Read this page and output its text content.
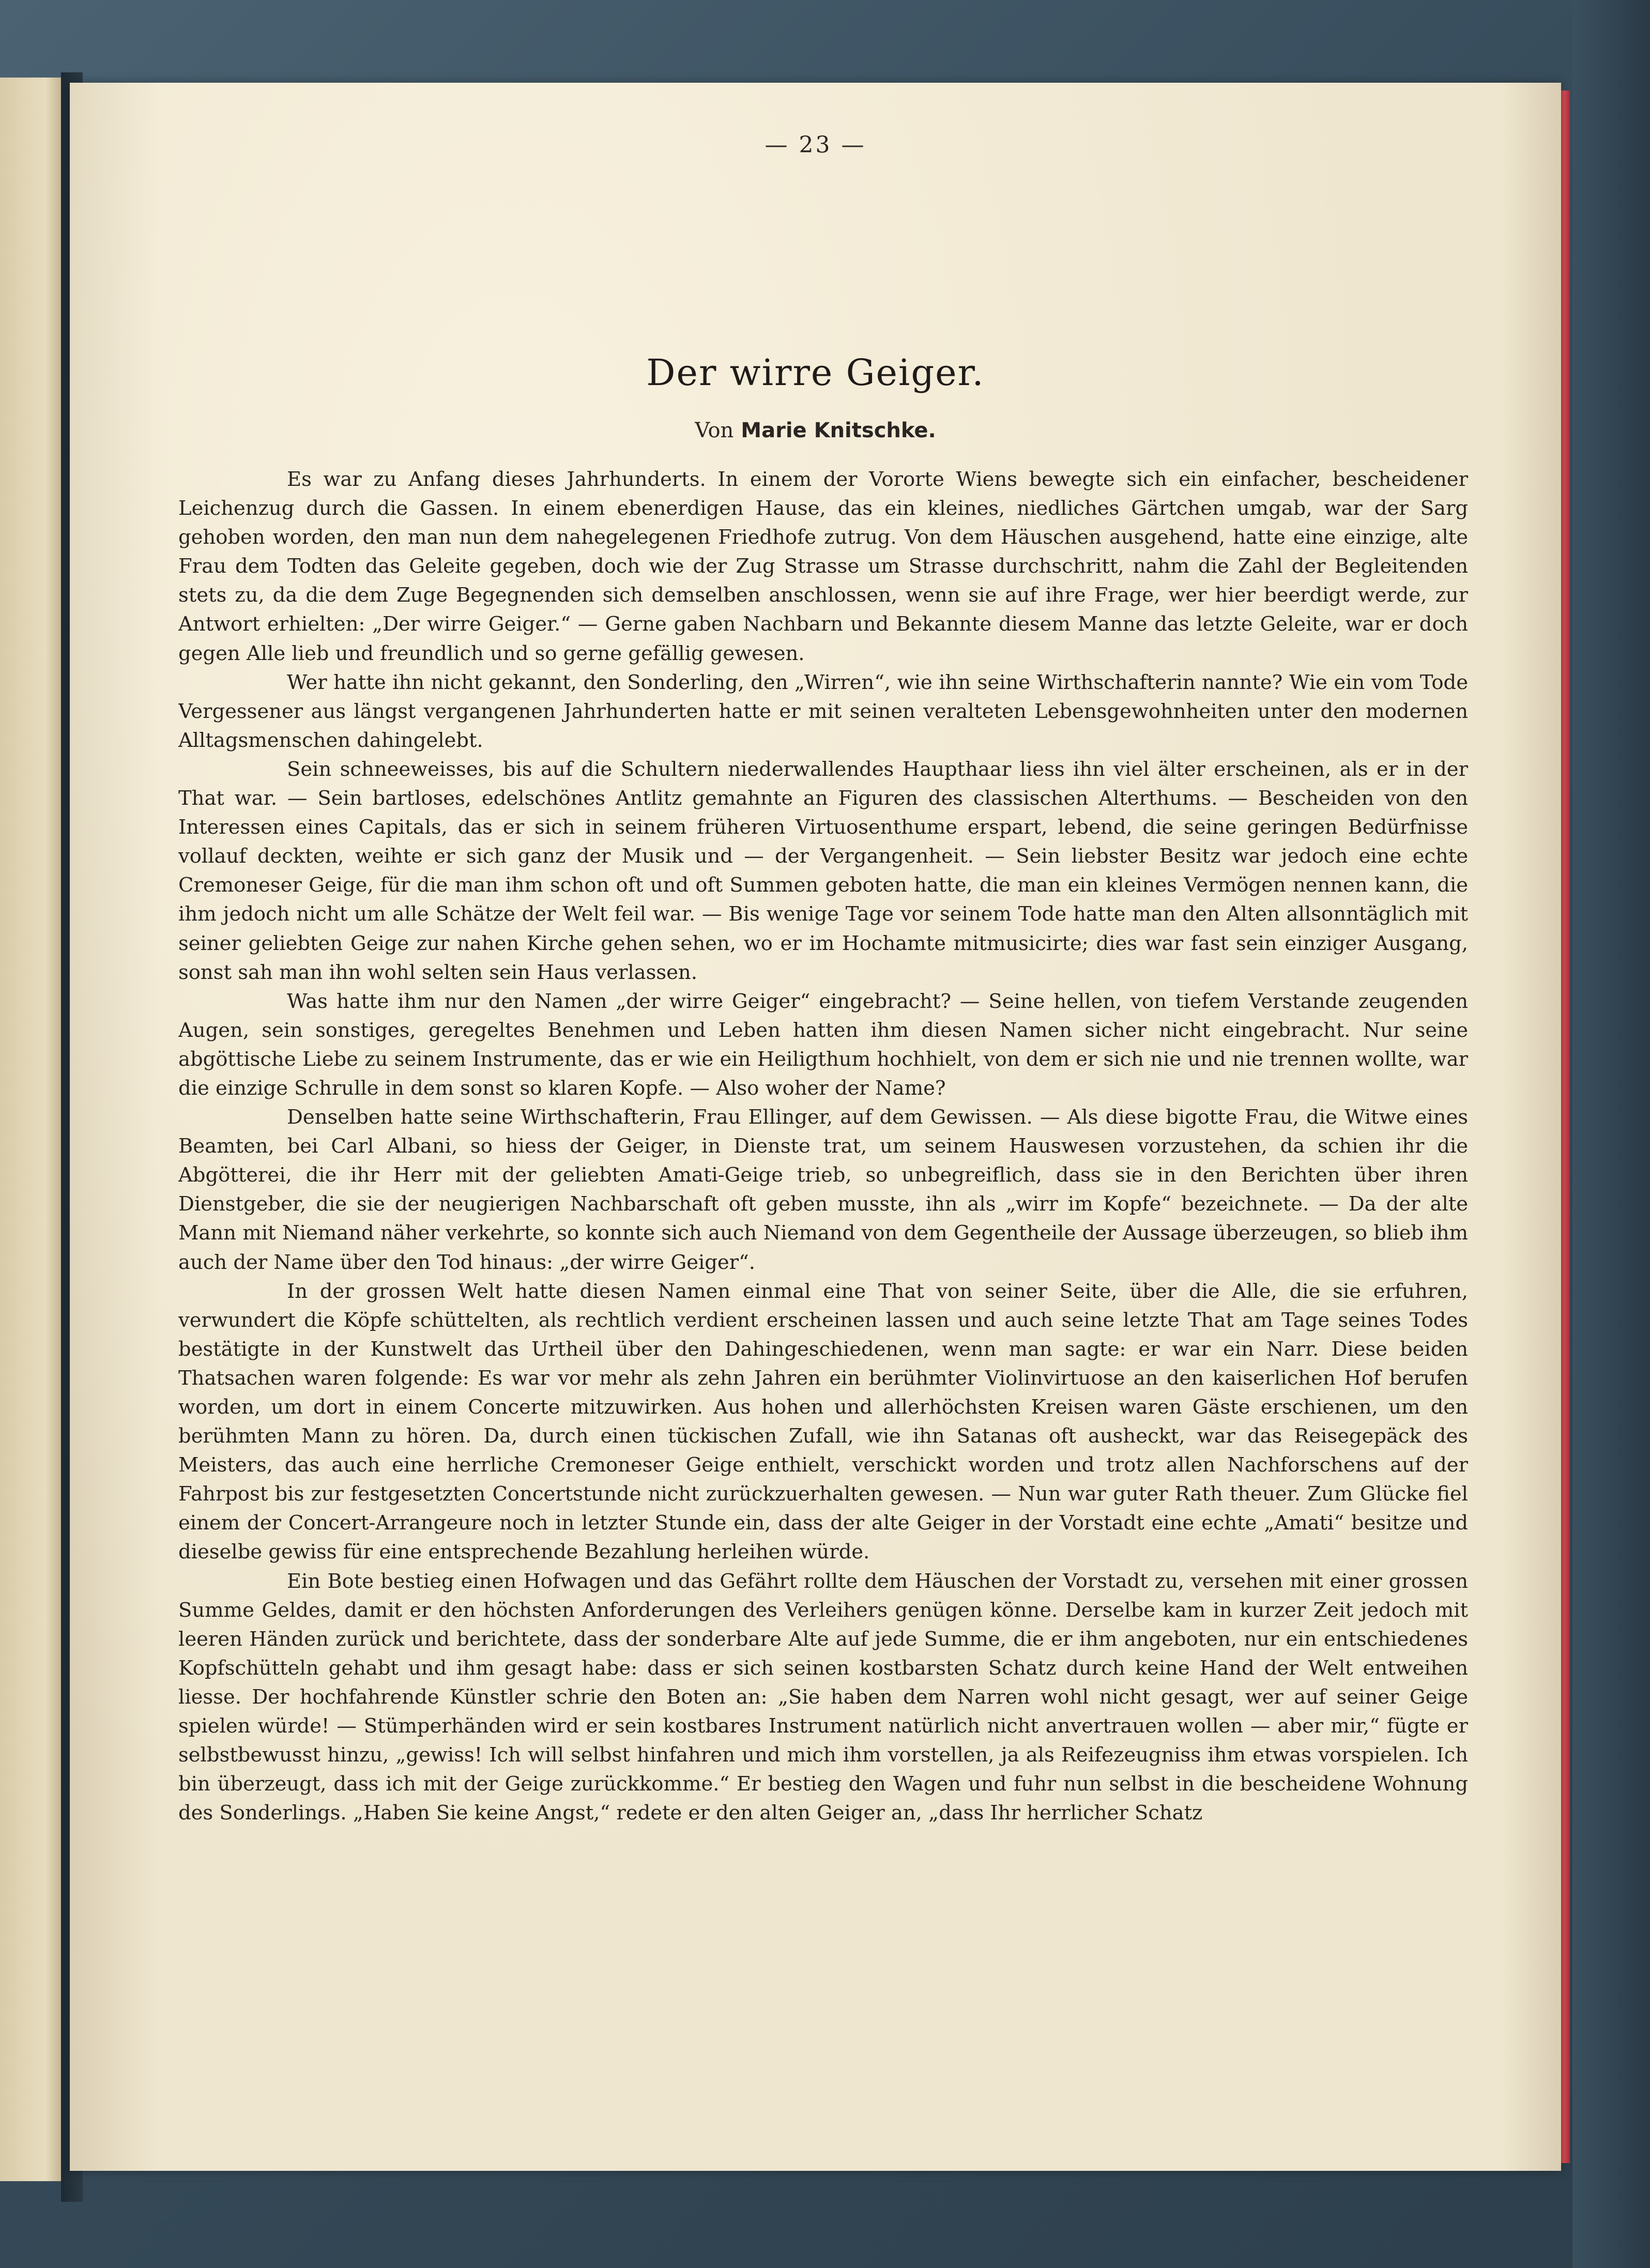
— 23 —
Der wirre Geiger.
Von Marie Knitschke.

Es war zu Anfang dieses Jahrhunderts. In einem der Vororte Wiens bewegte sich ein einfacher, bescheidener Leichenzug durch die Gassen. In einem ebenerdigen Hause, das ein kleines, niedliches Gärtchen umgab, war der Sarg gehoben worden, den man nun dem nahegelegenen Friedhofe zutrug. Von dem Häuschen ausgehend, hatte eine einzige, alte Frau dem Todten das Geleite gegeben, doch wie der Zug Strasse um Strasse durchschritt, nahm die Zahl der Begleitenden stets zu, da die dem Zuge Begegnenden sich demselben anschlossen, wenn sie auf ihre Frage, wer hier beerdigt werde, zur Antwort erhielten: „Der wirre Geiger.“ — Gerne gaben Nachbarn und Bekannte diesem Manne das letzte Geleite, war er doch gegen Alle lieb und freundlich und so gerne gefällig gewesen.

Wer hatte ihn nicht gekannt, den Sonderling, den „Wirren“, wie ihn seine Wirthschafterin nannte? Wie ein vom Tode Vergessener aus längst vergangenen Jahrhunderten hatte er mit seinen veralteten Lebensgewohnheiten unter den modernen Alltagsmenschen dahingelebt.

Sein schneeweisses, bis auf die Schultern niederwallendes Haupthaar liess ihn viel älter erscheinen, als er in der That war. — Sein bartloses, edelschönes Antlitz gemahnte an Figuren des classischen Alterthums. — Bescheiden von den Interessen eines Capitals, das er sich in seinem früheren Virtuosenthume erspart, lebend, die seine geringen Bedürfnisse vollauf deckten, weihte er sich ganz der Musik und — der Vergangenheit. — Sein liebster Besitz war jedoch eine echte Cremoneser Geige, für die man ihm schon oft und oft Summen geboten hatte, die man ein kleines Vermögen nennen kann, die ihm jedoch nicht um alle Schätze der Welt feil war. — Bis wenige Tage vor seinem Tode hatte man den Alten allsonntäglich mit seiner geliebten Geige zur nahen Kirche gehen sehen, wo er im Hochamte mitmusicirte; dies war fast sein einziger Ausgang, sonst sah man ihn wohl selten sein Haus verlassen.

Was hatte ihm nur den Namen „der wirre Geiger“ eingebracht? — Seine hellen, von tiefem Verstande zeugenden Augen, sein sonstiges, geregeltes Benehmen und Leben hatten ihm diesen Namen sicher nicht eingebracht. Nur seine abgöttische Liebe zu seinem Instrumente, das er wie ein Heiligthum hochhielt, von dem er sich nie und nie trennen wollte, war die einzige Schrulle in dem sonst so klaren Kopfe. — Also woher der Name?

Denselben hatte seine Wirthschafterin, Frau Ellinger, auf dem Gewissen. — Als diese bigotte Frau, die Witwe eines Beamten, bei Carl Albani, so hiess der Geiger, in Dienste trat, um seinem Hauswesen vorzustehen, da schien ihr die Abgötterei, die ihr Herr mit der geliebten Amati-Geige trieb, so unbegreiflich, dass sie in den Berichten über ihren Dienstgeber, die sie der neugierigen Nachbarschaft oft geben musste, ihn als „wirr im Kopfe“ bezeichnete. — Da der alte Mann mit Niemand näher verkehrte, so konnte sich auch Niemand von dem Gegentheile der Aussage überzeugen, so blieb ihm auch der Name über den Tod hinaus: „der wirre Geiger“.

In der grossen Welt hatte diesen Namen einmal eine That von seiner Seite, über die Alle, die sie erfuhren, verwundert die Köpfe schüttelten, als rechtlich verdient erscheinen lassen und auch seine letzte That am Tage seines Todes bestätigte in der Kunstwelt das Urtheil über den Dahingeschiedenen, wenn man sagte: er war ein Narr. Diese beiden Thatsachen waren folgende: Es war vor mehr als zehn Jahren ein berühmter Violinvirtuose an den kaiserlichen Hof berufen worden, um dort in einem Concerte mitzuwirken. Aus hohen und allerhöchsten Kreisen waren Gäste erschienen, um den berühmten Mann zu hören. Da, durch einen tückischen Zufall, wie ihn Satanas oft ausheckt, war das Reisegepäck des Meisters, das auch eine herrliche Cremoneser Geige enthielt, verschickt worden und trotz allen Nachforschens auf der Fahrpost bis zur festgesetzten Concertstunde nicht zurückzuerhalten gewesen. — Nun war guter Rath theuer. Zum Glücke fiel einem der Concert-Arrangeure noch in letzter Stunde ein, dass der alte Geiger in der Vorstadt eine echte „Amati“ besitze und dieselbe gewiss für eine entsprechende Bezahlung herleihen würde.

Ein Bote bestieg einen Hofwagen und das Gefährt rollte dem Häuschen der Vorstadt zu, versehen mit einer grossen Summe Geldes, damit er den höchsten Anforderungen des Verleihers genügen könne. Derselbe kam in kurzer Zeit jedoch mit leeren Händen zurück und berichtete, dass der sonderbare Alte auf jede Summe, die er ihm angeboten, nur ein entschiedenes Kopfschütteln gehabt und ihm gesagt habe: dass er sich seinen kostbarsten Schatz durch keine Hand der Welt entweihen liesse. Der hochfahrende Künstler schrie den Boten an: „Sie haben dem Narren wohl nicht gesagt, wer auf seiner Geige spielen würde! — Stümperhänden wird er sein kostbares Instrument natürlich nicht anvertrauen wollen — aber mir,“ fügte er selbstbewusst hinzu, „gewiss! Ich will selbst hinfahren und mich ihm vorstellen, ja als Reifezeugniss ihm etwas vorspielen. Ich bin überzeugt, dass ich mit der Geige zurückkomme.“ Er bestieg den Wagen und fuhr nun selbst in die bescheidene Wohnung des Sonderlings. „Haben Sie keine Angst,“ redete er den alten Geiger an, „dass Ihr herrlicher Schatz
